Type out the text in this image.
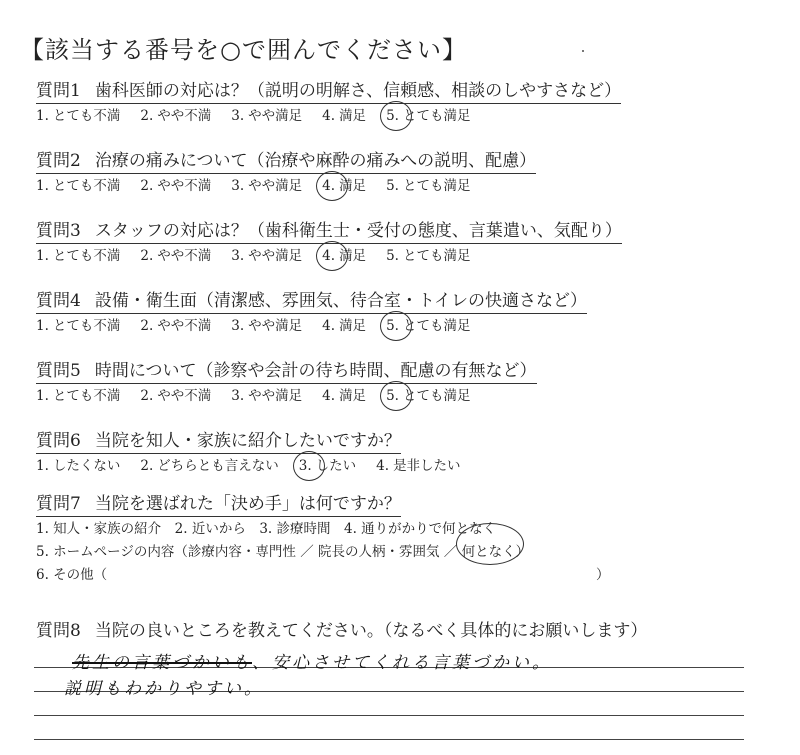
【該当する番号を○で囲んでください】
質問1 歯科医師の対応は？（説明の明解さ、信頼感、相談のしやすさなど）
1. とても不満 2. やや不満 3. やや満足 4. 満足 5. とても満足
質問2 治療の痛みについて（治療や麻酔の痛みへの説明、配慮）
1. とても不満 2. やや不満 3. やや満足 4. 満足 5. とても満足
質問3 スタッフの対応は？（歯科衛生士・受付の態度、言葉遣い、気配り）
1. とても不満 2. やや不満 3. やや満足 4. 満足 5. とても満足
質問4 設備・衛生面（清潔感、雰囲気、待合室・トイレの快適さなど）
1. とても不満 2. やや不満 3. やや満足 4. 満足 5. とても満足
質問5 時間について（診察や会計の待ち時間、配慮の有無など）
1. とても不満 2. やや不満 3. やや満足 4. 満足 5. とても満足
質問6 当院を知人・家族に紹介したいですか？
1. したくない 2. どちらとも言えない 3. したい 4. 是非したい
質問7 当院を選ばれた「決め手」は何ですか？
1. 知人・家族の紹介　2. 近いから　3. 診療時間　4. 通りがかりで何となく
5. ホームページの内容（診療内容・専門性 ／ 院長の人柄・雰囲気 ／ 何となく）
6. その他（	）
質問8 当院の良いところを教えてください。（なるべく具体的にお願いします）
先生の言葉づかいも、安心させてくれる言葉づかい。
説明もわかりやすい。
